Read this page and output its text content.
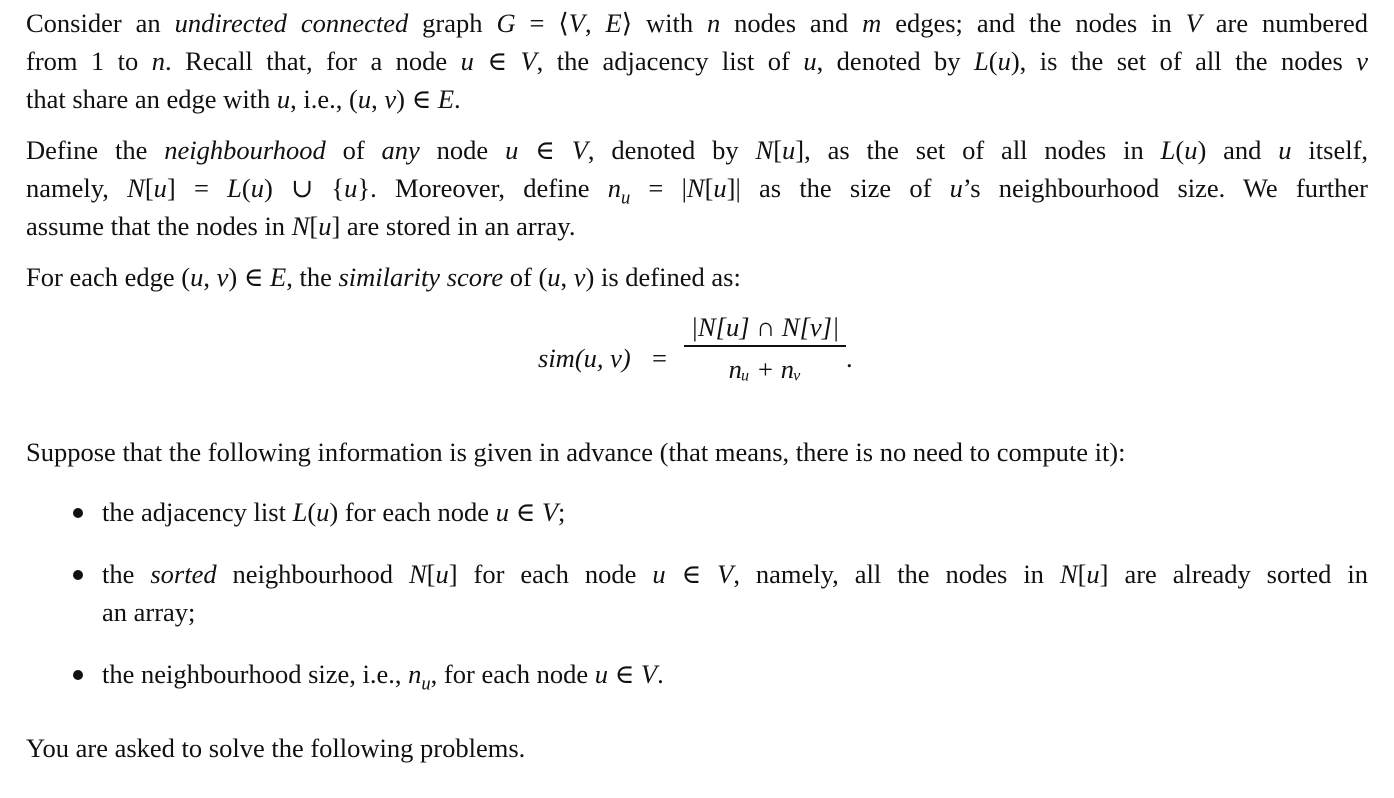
Consider an undirected connected graph G = ⟨V, E⟩ with n nodes and m edges; and the nodes in V are numbered
from 1 to n. Recall that, for a node u ∈ V, the adjacency list of u, denoted by L(u), is the set of all the nodes v
that share an edge with u, i.e., (u, v) ∈ E.

Define the neighbourhood of any node u ∈ V, denoted by N[u], as the set of all nodes in L(u) and u itself,
namely, N[u] = L(u) ∪ {u}. Moreover, define $n_u = |N[u]|$ as the size of u’s neighbourhood size. We further
assume that the nodes in N[u] are stored in an array.

For each edge (u, v) ∈ E, the similarity score of (u, v) is defined as:

sim(u, v) =
|N[u] ∩ N[v]|
nᵤ + nᵥ	.

Suppose that the following information is given in advance (that means, there is no need to compute it):

the adjacency list L(u) for each node u ∈ V;
the sorted neighbourhood N[u] for each node u ∈ V, namely, all the nodes in N[u] are already sorted in
an array;
the neighbourhood size, i.e., $n_u$, for each node u ∈ V.

You are asked to solve the following problems.
